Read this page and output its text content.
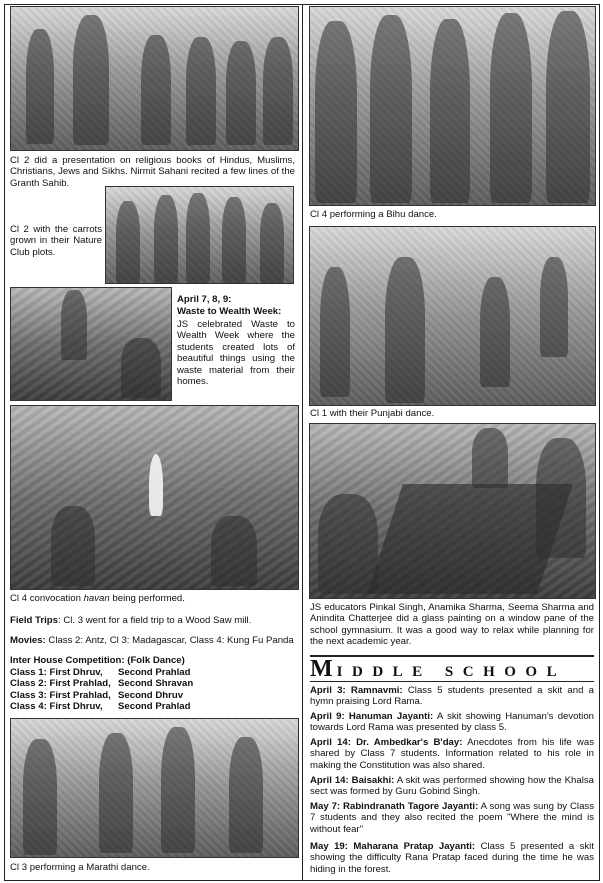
Cl 2 did a presentation on religious books of Hindus, Muslims, Christians, Jews and Sikhs. Nirmit Sahani recited a few lines of the Granth Sahib.

Cl 2 with the carrots grown in their Nature Club plots.

April 7, 8, 9:

Waste to Wealth Week:

JS celebrated Waste to Wealth Week where the students created lots of beautiful things using the waste material from their homes.

Cl 4 convocation havan being performed.

Field Trips: Cl. 3 went for a field trip to a Wood Saw mill.

Movies: Class 2: Antz, Cl 3: Madagascar, Class 4: Kung Fu Panda

Inter House Competition: (Folk Dance)

Class 1: First Dhruv,	Second Prahlad
Class 2: First Prahlad, Second Shravan
Class 3: First Prahlad, Second Dhruv
Class 4: First Dhruv,	Second Prahlad

Cl 3 performing a Marathi dance.

Cl 4 performing a Bihu dance.

Cl 1 with their Punjabi dance.

JS educators Pinkal Singh, Anamika Sharma, Seema Sharma and Anindita Chatterjee did a glass painting on a window pane of the school gymnasium. It was a good way to relax while planning for the next academic year.

MIDDLE SCHOOL

April 3: Ramnavmi: Class 5 students presented a skit and a hymn praising Lord Rama.

April 9: Hanuman Jayanti: A skit showing Hanuman's devotion towards Lord Rama was presented by class 5.

April 14: Dr. Ambedkar's B'day: Anecdotes from his life was shared by Class 7 students. Information related to his role in making the Constitution was also shared.

April 14: Baisakhi: A skit was performed showing how the Khalsa sect was formed by Guru Gobind Singh.

May 7: Rabindranath Tagore Jayanti: A song was sung by Class 7 students and they also recited the poem "Where the mind is without fear"

May 19: Maharana Pratap Jayanti: Class 5 presented a skit showing the difficulty Rana Pratap faced during the time he was hiding in the forest.
